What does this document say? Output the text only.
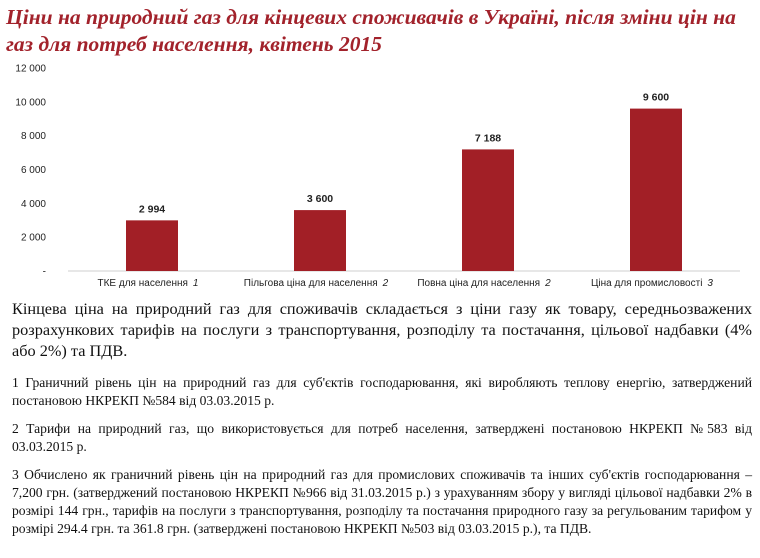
Ціни на природний газ для кінцевих споживачів в Україні, після зміни цін на газ для потреб населення, квітень 2015
-
2 000
4 000
6 000
8 000
10 000
12 000
2 994
3 600
7 188
9 600
ТКЕ для населення 1	Пільгова ціна для населення 2	Повна ціна для населення 2	Ціна для промисловості 3
Кінцева ціна на природний газ для споживачів складається з ціни газу як товару, середньозважених розрахункових тарифів на послуги з транспортування, розподілу та постачання, цільової надбавки (4% або 2%) та ПДВ.
1 Граничний рівень цін на природний газ для суб'єктів господарювання, які виробляють теплову енергію, затверджений постановою НКРЕКП №584 від 03.03.2015 р.
2 Тарифи на природний газ, що використовується для потреб населення, затверджені постановою НКРЕКП №583 від 03.03.2015 р.
3 Обчислено як граничний рівень цін на природний газ для промислових споживачів та інших суб'єктів господарювання – 7,200 грн. (затверджений постановою НКРЕКП №966 від 31.03.2015 р.) з урахуванням збору у вигляді цільової надбавки 2% в розмірі 144 грн., тарифів на послуги з транспортування, розподілу та постачання природного газу за регульованим тарифом у розмірі 294.4 грн. та 361.8 грн. (затверджені постановою НКРЕКП №503 від 03.03.2015 р.), та ПДВ.
